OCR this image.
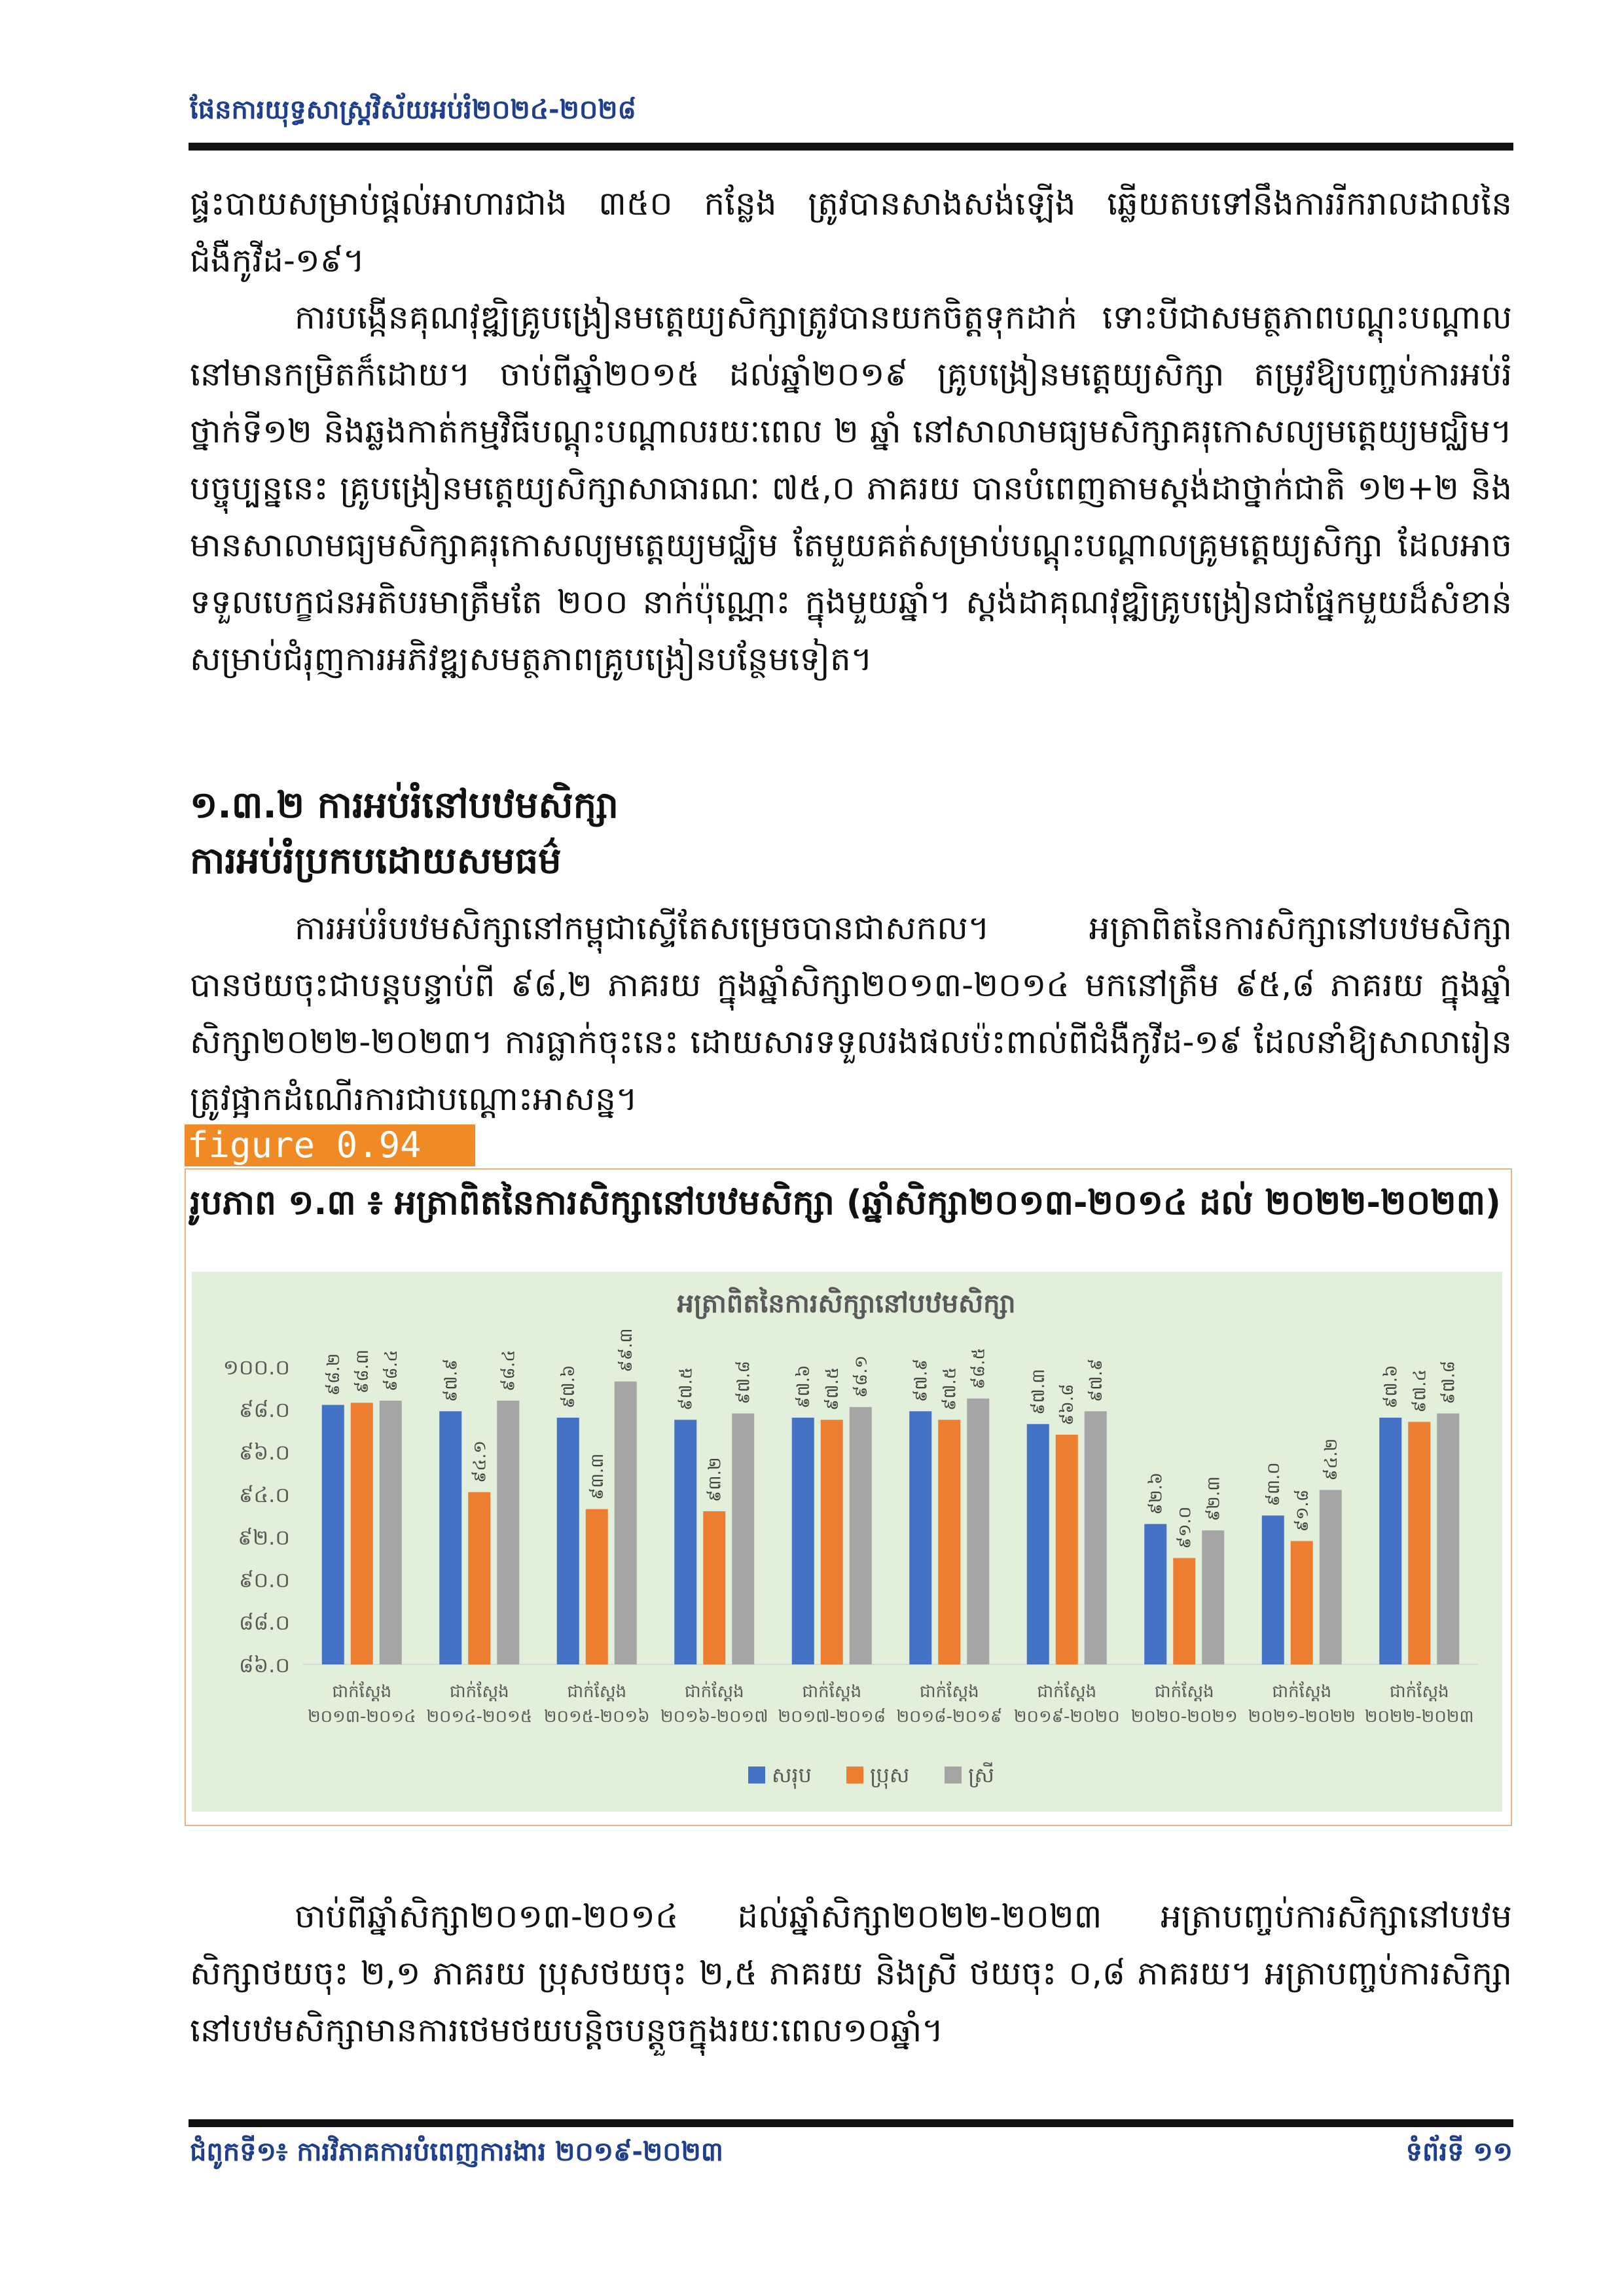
ផែនការយុទ្ធសាស្ត្រវិស័យអប់រំ២០២៤-២០២៨

ផ្ទះបាយសម្រាប់ផ្តល់អាហារជាង ៣៥០ កន្លែង ត្រូវបានសាងសង់ឡើង ឆ្លើយតបទៅនឹងការរីករាលដាលនៃជំងឺកូវីដ-១៩។

ការបង្កើនគុណវុឌ្ឍិគ្រូបង្រៀនមត្តេយ្យសិក្សាត្រូវបានយកចិត្តទុកដាក់ ទោះបីជាសមត្ថភាពបណ្តុះបណ្តាលនៅមានកម្រិតក៏ដោយ។ ចាប់ពីឆ្នាំ២០១៥ ដល់ឆ្នាំ២០១៩ គ្រូបង្រៀនមត្តេយ្យសិក្សា តម្រូវឱ្យបញ្ចប់ការអប់រំថ្នាក់ទី១២ និងឆ្លងកាត់កម្មវិធីបណ្តុះបណ្តាលរយៈពេល ២ ឆ្នាំ នៅសាលាមធ្យមសិក្សាគរុកោសល្យមត្តេយ្យមជ្ឈិម។ បច្ចុប្បន្ននេះ គ្រូបង្រៀនមត្តេយ្យសិក្សាសាធារណៈ ៧៥,០ ភាគរយ បានបំពេញតាមស្តង់ដាថ្នាក់ជាតិ ១២+២ និងមានសាលាមធ្យមសិក្សាគរុកោសល្យមត្តេយ្យមជ្ឈិម តែមួយគត់សម្រាប់បណ្តុះបណ្តាលគ្រូមត្តេយ្យសិក្សា ដែលអាចទទួលបេក្ខជនអតិបរមាត្រឹមតែ ២០០ នាក់ប៉ុណ្ណោះ ក្នុងមួយឆ្នាំ។ ស្តង់ដាគុណវុឌ្ឍិគ្រូបង្រៀនជាផ្នែកមួយដ៏សំខាន់សម្រាប់ជំរុញការអភិវឌ្ឍសមត្ថភាពគ្រូបង្រៀនបន្ថែមទៀត។

១.៣.២ ការអប់រំនៅបឋមសិក្សា
ការអប់រំប្រកបដោយសមធម៌

ការអប់រំបឋមសិក្សានៅកម្ពុជាស្ទើតែសម្រេចបានជាសកល។ អត្រាពិតនៃការសិក្សានៅបឋមសិក្សាបានថយចុះជាបន្តបន្ទាប់ពី ៩៨,២ ភាគរយ ក្នុងឆ្នាំសិក្សា២០១៣-២០១៤ មកនៅត្រឹម ៩៥,៨ ភាគរយ ក្នុងឆ្នាំសិក្សា២០២២-២០២៣។ ការធ្លាក់ចុះនេះ ដោយសារទទួលរងផលប៉ះពាល់ពីជំងឺកូវីដ-១៩ ដែលនាំឱ្យសាលារៀនត្រូវផ្អាកដំណើរការជាបណ្តោះអាសន្ន។

figure 0.94
រូបភាព ១.៣ ៖ អត្រាពិតនៃការសិក្សានៅបឋមសិក្សា (ឆ្នាំសិក្សា២០១៣-២០១៤ ដល់ ២០២២-២០២៣)
អត្រាពិតនៃការសិក្សានៅបឋមសិក្សា
៨៦.០
៨៨.០
៩០.០
៩២.០
៩៤.០
៩៦.០
៩៨.០
១០០.០ ៩៨.២ ៩៨.៣ ៩៨.៤
ជាក់ស្តែង
២០១៣-២០១៤
៩៧.៩
៩៤.១
៩៨.៤
ជាក់ស្តែង
២០១៤-២០១៥
៩៧.៦
៩៣.៣
៩៩.៣
ជាក់ស្តែង
២០១៥-២០១៦
៩៧.៥
៩៣.២
៩៧.៨
ជាក់ស្តែង
២០១៦-២០១៧
៩៧.៦ ៩៧.៥ ៩៨.១
ជាក់ស្តែង
២០១៧-២០១៨
៩៧.៩ ៩៧.៥ ៩៨.៥
ជាក់ស្តែង
២០១៨-២០១៩
៩៧.៣ ៩៦.៨
៩៧.៩
ជាក់ស្តែង
២០១៩-២០២០
៩២.៦
៩១.០
៩២.៣
ជាក់ស្តែង
២០២០-២០២១
៩៣.០
៩១.៨
៩៤.២
ជាក់ស្តែង
២០២១-២០២២
៩៧.៦ ៩៧.៤ ៩៧.៨
ជាក់ស្តែង
២០២២-២០២៣
សរុប	ប្រុស	ស្រី

ចាប់ពីឆ្នាំសិក្សា២០១៣-២០១៤ ដល់ឆ្នាំសិក្សា២០២២-២០២៣ អត្រាបញ្ចប់ការសិក្សានៅបឋមសិក្សាថយចុះ ២,១ ភាគរយ ប្រុសថយចុះ ២,៥ ភាគរយ និងស្រី ថយចុះ ០,៨ ភាគរយ។ អត្រាបញ្ចប់ការសិក្សានៅបឋមសិក្សាមានការថេមថយបន្តិចបន្តួចក្នុងរយៈពេល១០ឆ្នាំ។

ជំពូកទី១៖ ការវិភាគការបំពេញការងារ ២០១៩-២០២៣	ទំព័រទី ១១
